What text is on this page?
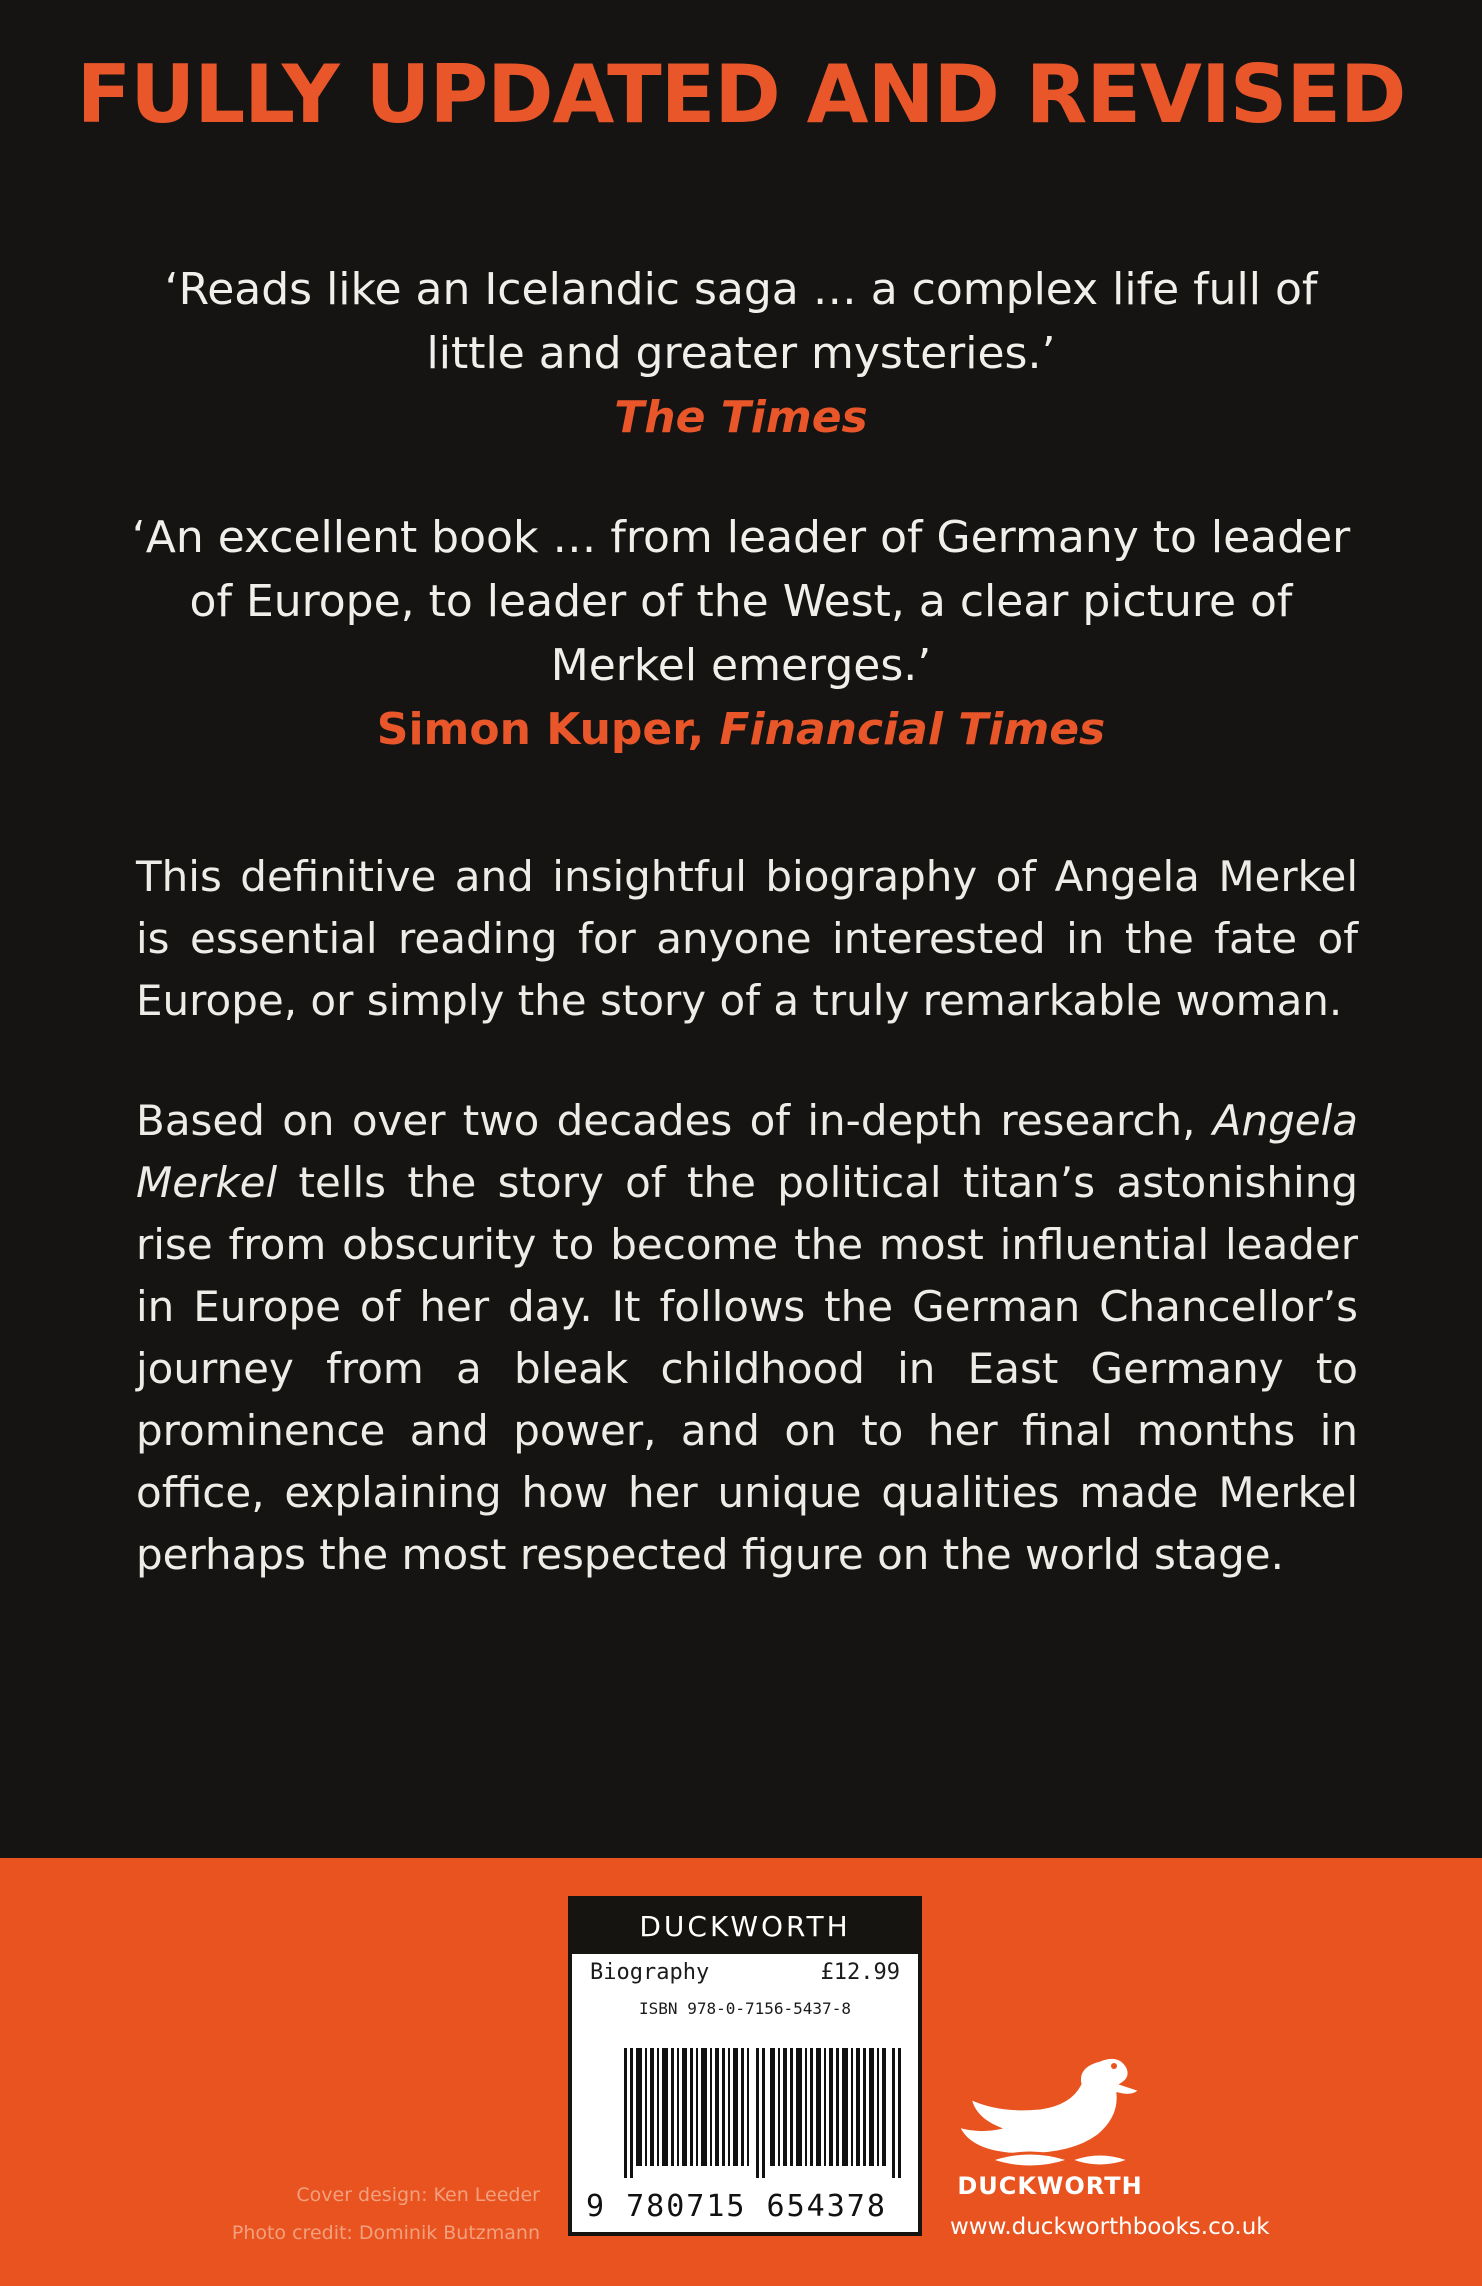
FULLY UPDATED AND REVISED
‘Reads like an Icelandic saga … a complex life full of little and greater mysteries.’
The Times
‘An excellent book … from leader of Germany to leader of Europe, to leader of the West, a clear picture of Merkel emerges.’
Simon Kuper, Financial Times
This definitive and insightful biography of Angela Merkel is essential reading for anyone interested in the fate of Europe, or simply the story of a truly remarkable woman.
Based on over two decades of in-depth research, Angela Merkel tells the story of the political titan’s astonishing rise from obscurity to become the most influential leader in Europe of her day. It follows the German Chancellor’s journey from a bleak childhood in East Germany to prominence and power, and on to her final months in office, explaining how her unique qualities made Merkel perhaps the most respected figure on the world stage.
DUCKWORTH
Biography	£12.99
ISBN 978-0-7156-5437-8
9 780715 654378
Cover design: Ken Leeder
Photo credit: Dominik Butzmann
DUCKWORTH
www.duckworthbooks.co.uk
